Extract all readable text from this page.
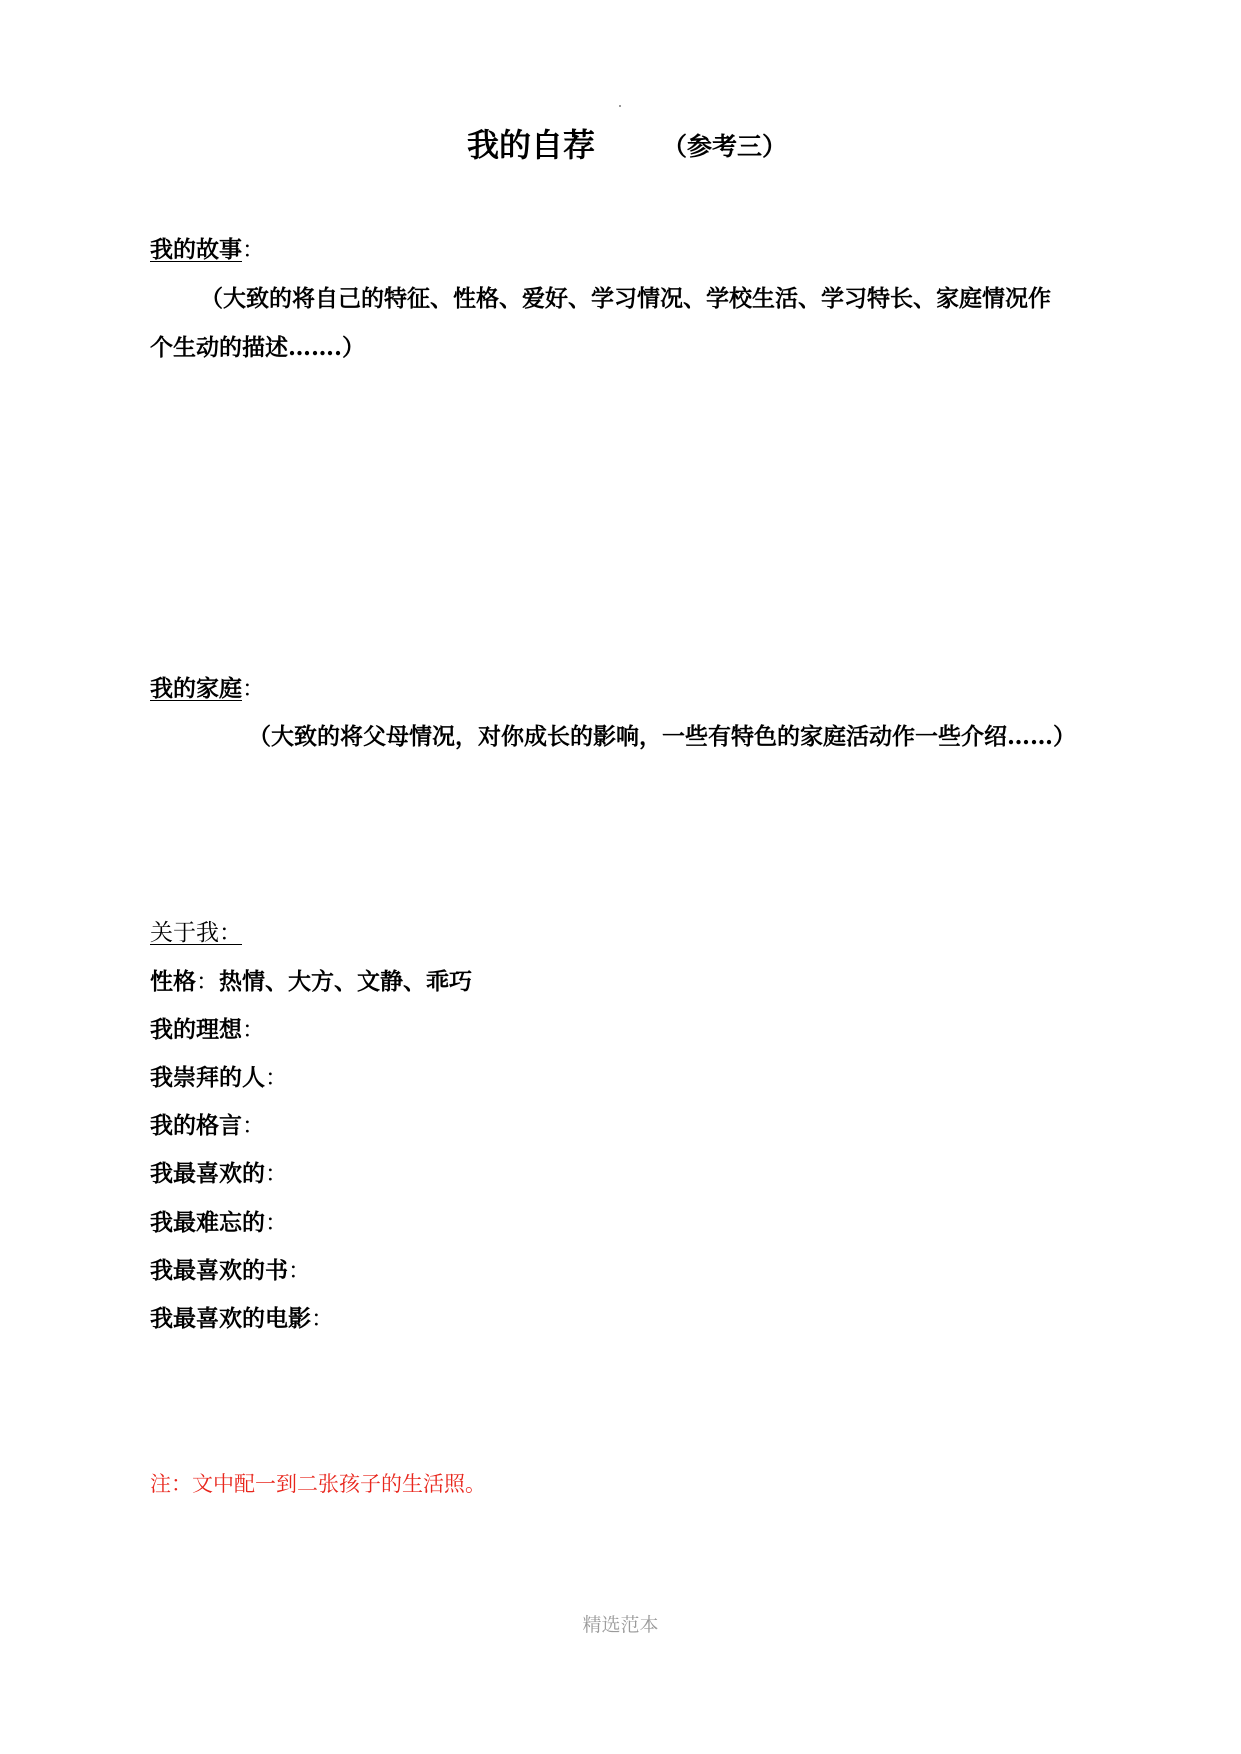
我的自荐	（参考三）
我的故事：
（大致的将自己的特征、性格、爱好、学习情况、学校生活、学习特长、家庭情况作
个生动的描述…….）
我的家庭：
（大致的将父母情况，对你成长的影响，一些有特色的家庭活动作一些介绍……）
关于我：
性格：热情、大方、文静、乖巧
我的理想：
我崇拜的人：
我的格言：
我最喜欢的：
我最难忘的：
我最喜欢的书：
我最喜欢的电影：
注：文中配一到二张孩子的生活照。
精选范本
